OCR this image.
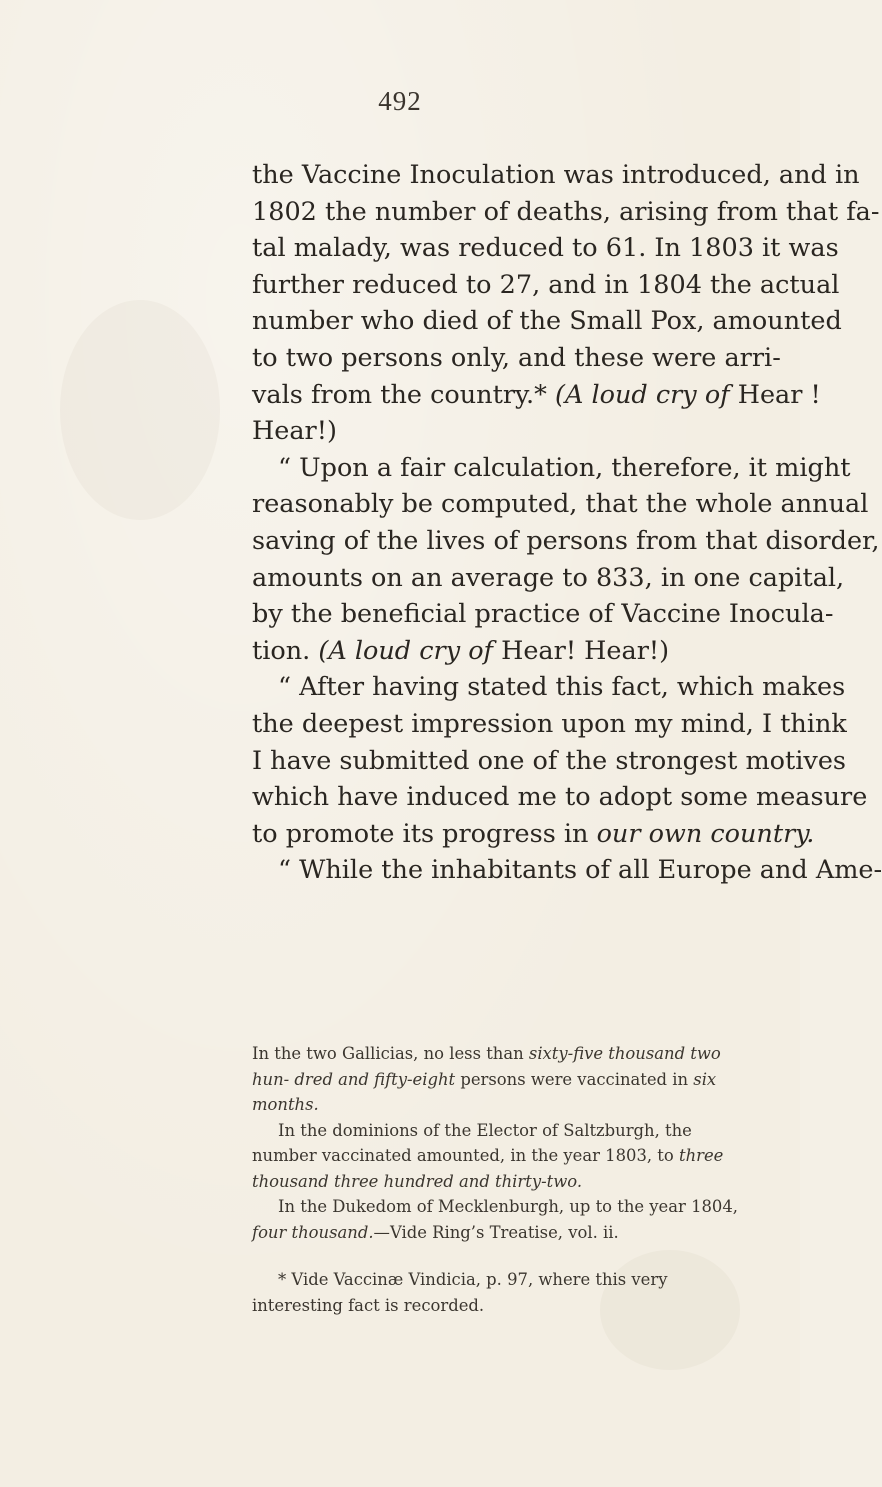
492
the Vaccine Inoculation was introduced, and in
1802 the number of deaths, arising from that fa-
tal malady, was reduced to 61. In 1803 it was
further reduced to 27, and in 1804 the actual
number who died of the Small Pox, amounted
to two persons only, and these were arri-
vals from the country.* (A loud cry of Hear !
Hear!)
“ Upon a fair calculation, therefore, it might
reasonably be computed, that the whole annual
saving of the lives of persons from that disorder,
amounts on an average to 833, in one capital,
by the beneficial practice of Vaccine Inocula-
tion. (A loud cry of Hear! Hear!)
“ After having stated this fact, which makes
the deepest impression upon my mind, I think
I have submitted one of the strongest motives
which have induced me to adopt some measure
to promote its progress in our own country.
“ While the inhabitants of all Europe and Ame-

In the two Gallicias, no less than sixty-five thousand two hun- dred and fifty-eight persons were vaccinated in six months.

In the dominions of the Elector of Saltzburgh, the number vaccinated amounted, in the year 1803, to three thousand three hundred and thirty-two.

In the Dukedom of Mecklenburgh, up to the year 1804, four thousand.—Vide Ring’s Treatise, vol. ii.

* Vide Vaccinæ Vindicia, p. 97, where this very interesting fact is recorded.
